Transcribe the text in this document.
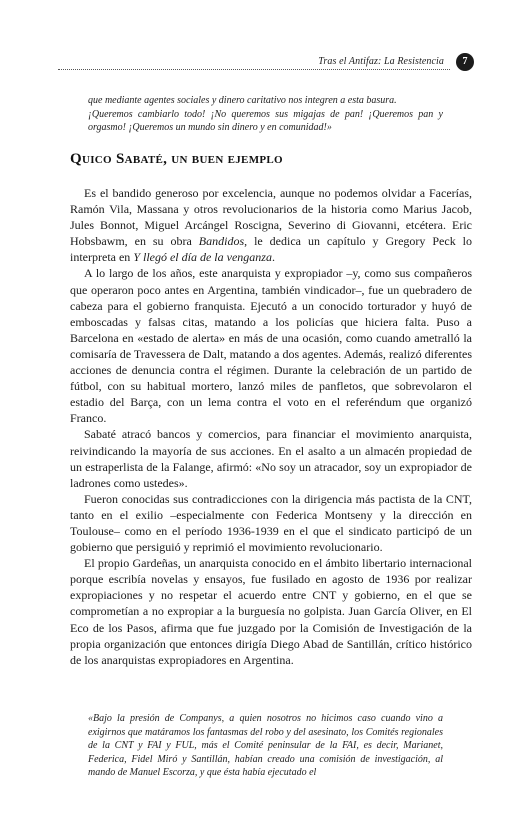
Tras el Antifaz: La Resistencia	7

que mediante agentes sociales y dinero caritativo nos integren a esta basura.

¡Queremos cambiarlo todo! ¡No queremos sus migajas de pan! ¡Queremos pan y orgasmo! ¡Queremos un mundo sin dinero y en comunidad!»

Quico Sabaté, un buen ejemplo

Es el bandido generoso por excelencia, aunque no podemos olvidar a Facerías, Ramón Vila, Massana y otros revolucionarios de la historia como Marius Jacob, Jules Bonnot, Miguel Arcángel Roscigna, Severino di Giovanni, etcétera. Eric Hobsbawm, en su obra Bandidos, le dedica un capítulo y Gregory Peck lo interpreta en Y llegó el día de la venganza.

A lo largo de los años, este anarquista y expropiador –y, como sus compañeros que operaron poco antes en Argentina, también vindicador–, fue un quebradero de cabeza para el gobierno franquista. Ejecutó a un conocido torturador y huyó de emboscadas y falsas citas, matando a los policías que hiciera falta. Puso a Barcelona en «estado de alerta» en más de una ocasión, como cuando ametralló la comisaría de Travessera de Dalt, matando a dos agentes. Además, realizó diferentes acciones de denuncia contra el régimen. Durante la celebración de un partido de fútbol, con su habitual mortero, lanzó miles de panfletos, que sobrevolaron el estadio del Barça, con un lema contra el voto en el referéndum que organizó Franco.

Sabaté atracó bancos y comercios, para financiar el movimiento anarquista, reivindicando la mayoría de sus acciones. En el asalto a un almacén propiedad de un estraperlista de la Falange, afirmó: «No soy un atracador, soy un expropiador de ladrones como ustedes».

Fueron conocidas sus contradicciones con la dirigencia más pactista de la CNT, tanto en el exilio –especialmente con Federica Montseny y la dirección en Toulouse– como en el período 1936-1939 en el que el sindicato participó de un gobierno que persiguió y reprimió el movimiento revolucionario.

El propio Gardeñas, un anarquista conocido en el ámbito libertario internacional porque escribía novelas y ensayos, fue fusilado en agosto de 1936 por realizar expropiaciones y no respetar el acuerdo entre CNT y gobierno, en el que se comprometían a no expropiar a la burguesía no golpista. Juan García Oliver, en El Eco de los Pasos, afirma que fue juzgado por la Comisión de Investigación de la propia organización que entonces dirigía Diego Abad de Santillán, crítico histórico de los anarquistas expropiadores en Argentina.

«Bajo la presión de Companys, a quien nosotros no hicimos caso cuando vino a exigirnos que matáramos los fantasmas del robo y del asesinato, los Comités regionales de la CNT y FAI y FUL, más el Comité peninsular de la FAI, es decir, Marianet, Federica, Fidel Miró y Santillán, habían creado una comisión de investigación, al mando de Manuel Escorza, y que ésta había ejecutado el
